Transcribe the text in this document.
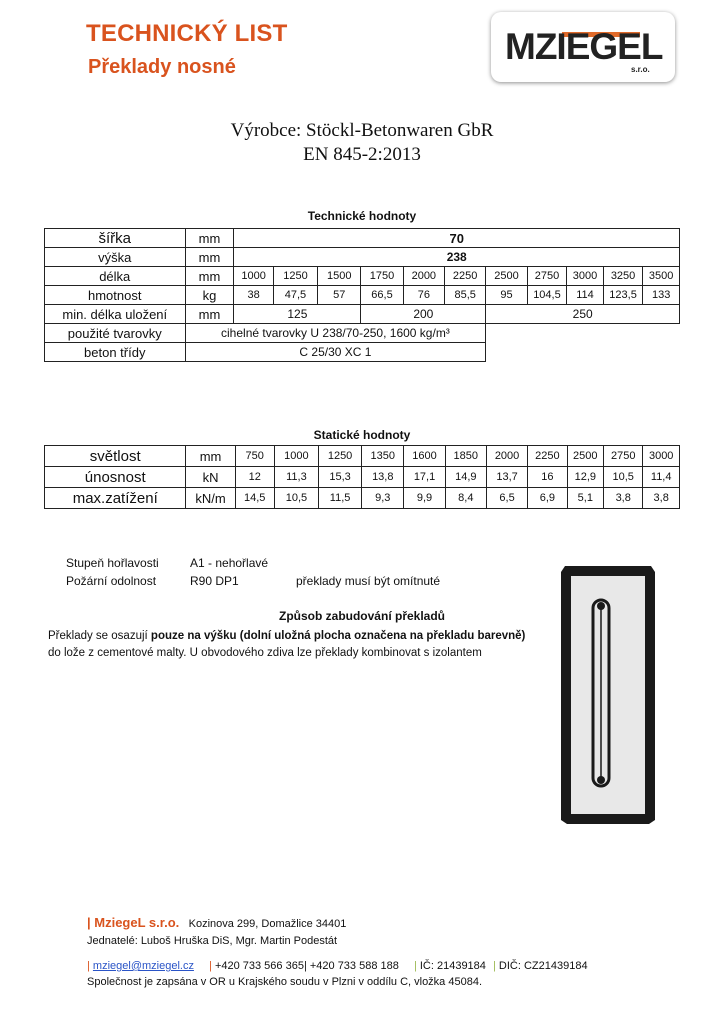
TECHNICKÝ LIST
Překlady nosné	MZIEGEL
s.r.o.
Výrobce: Stöckl-Betonwaren GbR
EN 845-2:2013
Technické hodnoty
šířka	mm	70										
výška	mm	238										
délka	mm	1000	1250	1500	1750	2000	2250	2500	2750	3000	3250	3500
hmotnost	kg	38	47,5	57	66,5	76	85,5	95	104,5	114	123,5	133
min. délka uložení	mm	125			200			250				
použité tvarovky	cihelné tvarovky U 238/70-250, 1600 kg/m³											
beton třídy	C 25/30 XC 1											
Statické hodnoty
světlost	mm	750	1000	1250	1350	1600	1850	2000	2250	2500	2750	3000
únosnost	kN	12	11,3	15,3	13,8	17,1	14,9	13,7	16	12,9	10,5	11,4
max.zatížení	kN/m	14,5	10,5	11,5	9,3	9,9	8,4	6,5	6,9	5,1	3,8	3,8
Stupeň hořlavosti	A1 - nehořlavé
Požární odolnost	R90 DP1	překlady musí být omítnuté
Způsob zabudování překladů
Překlady se osazují pouze na výšku (dolní uložná plocha označena na překladu barevně)
do lože z cementové malty. U obvodového zdiva lze překlady kombinovat s izolantem
| MziegeL s.r.o. Kozinova 299, Domažlice 34401
Jednatelé: Luboš Hruška DiS, Mgr. Martin Podestát
| mziegel@mziegel.cz | +420 733 566 365| +420 733 588 188 | IČ: 21439184 | DIČ: CZ21439184
Společnost je zapsána v OR u Krajského soudu v Plzni v oddílu C, vložka 45084.
